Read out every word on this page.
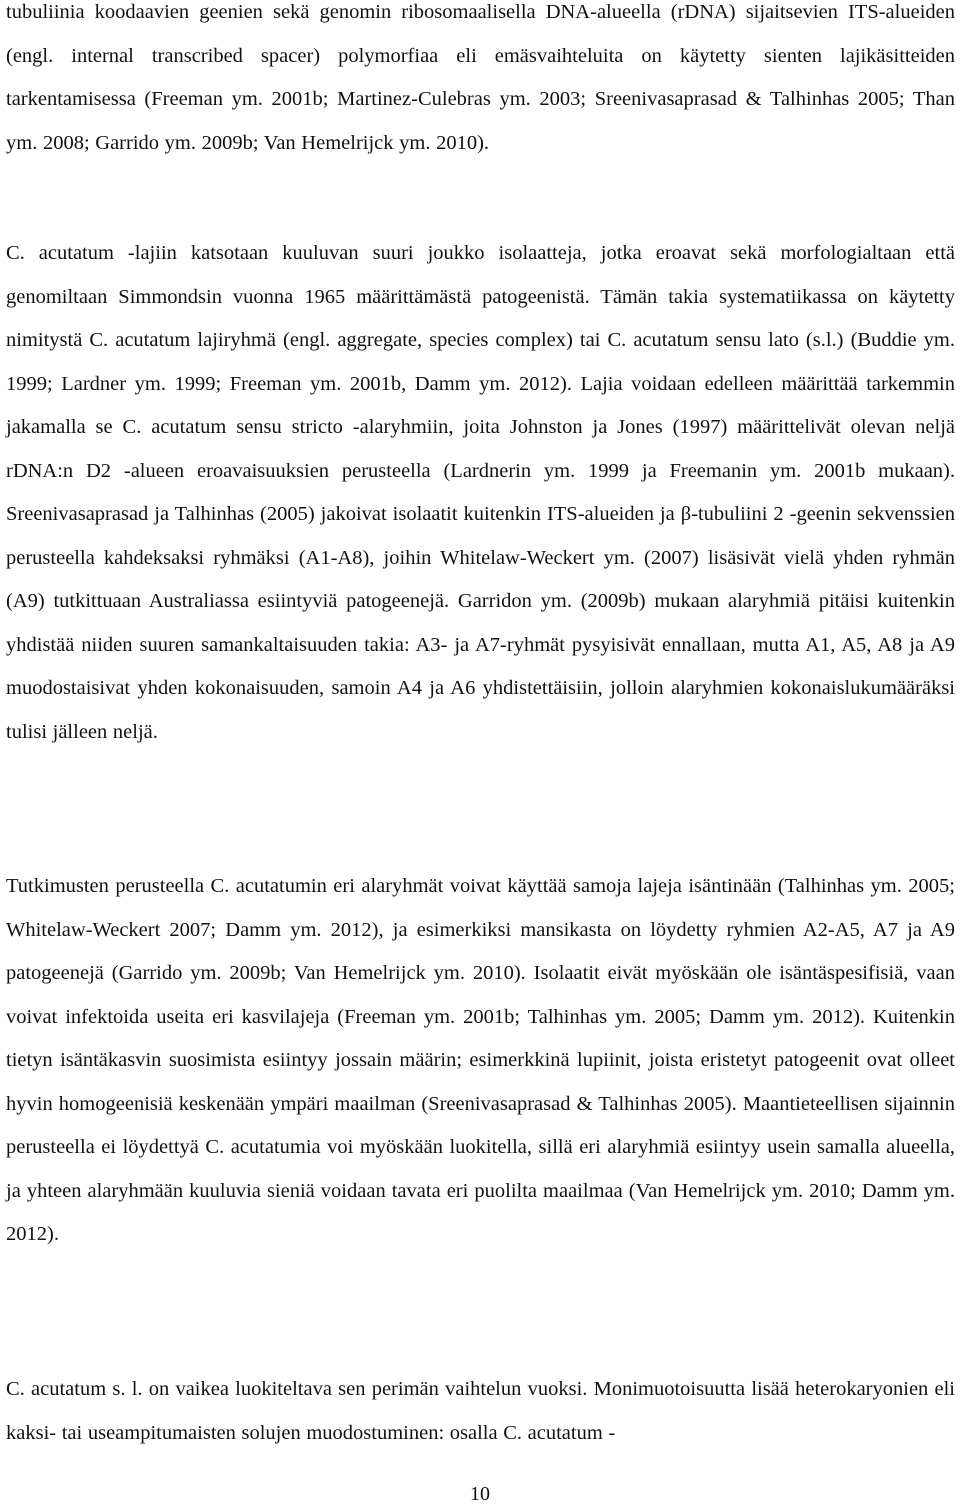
tubuliinia koodaavien geenien sekä genomin ribosomaalisella DNA-alueella (rDNA) sijaitsevien ITS-alueiden (engl. internal transcribed spacer) polymorfiaa eli emäsvaihteluita on käytetty sienten lajikäsitteiden tarkentamisessa (Freeman ym. 2001b; Martinez-Culebras ym. 2003; Sreenivasaprasad & Talhinhas 2005; Than ym. 2008; Garrido ym. 2009b; Van Hemelrijck ym. 2010).

C. acutatum -lajiin katsotaan kuuluvan suuri joukko isolaatteja, jotka eroavat sekä morfologialtaan että genomiltaan Simmondsin vuonna 1965 määrittämästä patogeenistä. Tämän takia systematiikassa on käytetty nimitystä C. acutatum lajiryhmä (engl. aggregate, species complex) tai C. acutatum sensu lato (s.l.) (Buddie ym. 1999; Lardner ym. 1999; Freeman ym. 2001b, Damm ym. 2012). Lajia voidaan edelleen määrittää tarkemmin jakamalla se C. acutatum sensu stricto -alaryhmiin, joita Johnston ja Jones (1997) määrittelivät olevan neljä rDNA:n D2 -alueen eroavaisuuksien perusteella (Lardnerin ym. 1999 ja Freemanin ym. 2001b mukaan). Sreenivasaprasad ja Talhinhas (2005) jakoivat isolaatit kuitenkin ITS-alueiden ja β-tubuliini 2 -geenin sekvenssien perusteella kahdeksaksi ryhmäksi (A1-A8), joihin Whitelaw-Weckert ym. (2007) lisäsivät vielä yhden ryhmän (A9) tutkittuaan Australiassa esiintyviä patogeenejä. Garridon ym. (2009b) mukaan alaryhmiä pitäisi kuitenkin yhdistää niiden suuren samankaltaisuuden takia: A3- ja A7-ryhmät pysyisivät ennallaan, mutta A1, A5, A8 ja A9 muodostaisivat yhden kokonaisuuden, samoin A4 ja A6 yhdistettäisiin, jolloin alaryhmien kokonaislukumääräksi tulisi jälleen neljä.

Tutkimusten perusteella C. acutatumin eri alaryhmät voivat käyttää samoja lajeja isäntinään (Talhinhas ym. 2005; Whitelaw-Weckert 2007; Damm ym. 2012), ja esimerkiksi mansikasta on löydetty ryhmien A2-A5, A7 ja A9 patogeenejä (Garrido ym. 2009b; Van Hemelrijck ym. 2010). Isolaatit eivät myöskään ole isäntäspesifisiä, vaan voivat infektoida useita eri kasvilajeja (Freeman ym. 2001b; Talhinhas ym. 2005; Damm ym. 2012). Kuitenkin tietyn isäntäkasvin suosimista esiintyy jossain määrin; esimerkkinä lupiinit, joista eristetyt patogeenit ovat olleet hyvin homogeenisiä keskenään ympäri maailman (Sreenivasaprasad & Talhinhas 2005). Maantieteellisen sijainnin perusteella ei löydettyä C. acutatumia voi myöskään luokitella, sillä eri alaryhmiä esiintyy usein samalla alueella, ja yhteen alaryhmään kuuluvia sieniä voidaan tavata eri puolilta maailmaa (Van Hemelrijck ym. 2010; Damm ym. 2012).

C. acutatum s. l. on vaikea luokiteltava sen perimän vaihtelun vuoksi. Monimuotoisuutta lisää heterokaryonien eli kaksi- tai useampitumaisten solujen muodostuminen: osalla C. acutatum -

10
